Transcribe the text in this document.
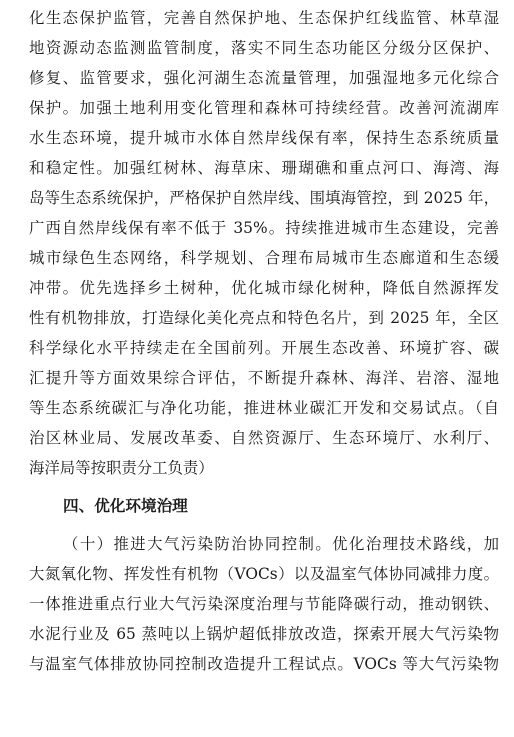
化生态保护监管，完善自然保护地、生态保护红线监管、林草湿
地资源动态监测监管制度，落实不同生态功能区分级分区保护、
修复、监管要求，强化河湖生态流量管理，加强湿地多元化综合
保护。加强土地利用变化管理和森林可持续经营。改善河流湖库
水生态环境，提升城市水体自然岸线保有率，保持生态系统质量
和稳定性。加强红树林、海草床、珊瑚礁和重点河口、海湾、海
岛等生态系统保护，严格保护自然岸线、围填海管控，到 2025 年，
广西自然岸线保有率不低于 35%。持续推进城市生态建设，完善
城市绿色生态网络，科学规划、合理布局城市生态廊道和生态缓
冲带。优先选择乡土树种，优化城市绿化树种，降低自然源挥发
性有机物排放，打造绿化美化亮点和特色名片，到 2025 年，全区
科学绿化水平持续走在全国前列。开展生态改善、环境扩容、碳
汇提升等方面效果综合评估，不断提升森林、海洋、岩溶、湿地
等生态系统碳汇与净化功能，推进林业碳汇开发和交易试点。（自
治区林业局、发展改革委、自然资源厅、生态环境厅、水利厅、
海洋局等按职责分工负责）
四、优化环境治理
（十）推进大气污染防治协同控制。优化治理技术路线，加
大氮氧化物、挥发性有机物（VOCs）以及温室气体协同减排力度。
一体推进重点行业大气污染深度治理与节能降碳行动，推动钢铁、
水泥行业及 65 蒸吨以上锅炉超低排放改造，探索开展大气污染物
与温室气体排放协同控制改造提升工程试点。VOCs 等大气污染物
